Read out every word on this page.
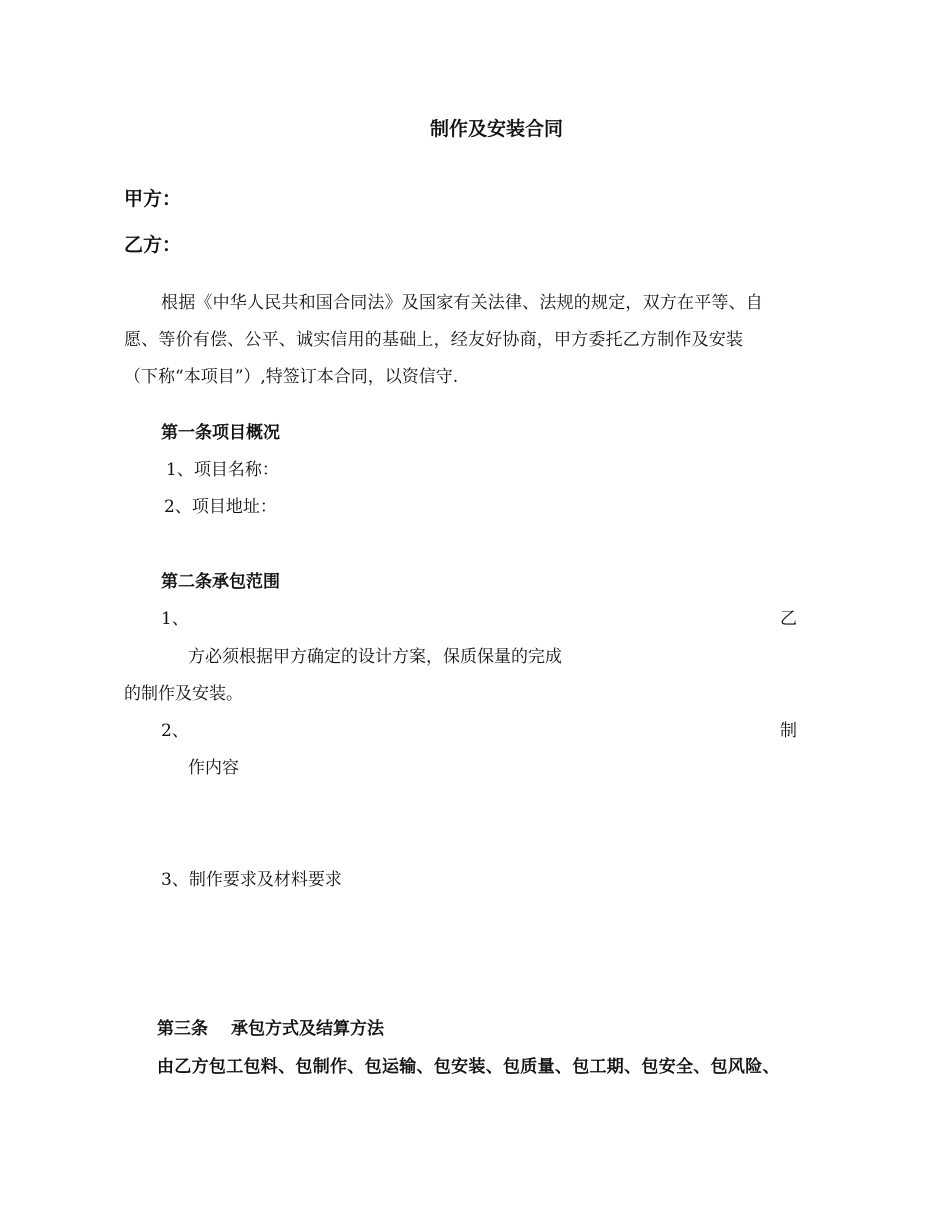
制作及安装合同
甲方：
乙方：
根据《中华人民共和国合同法》及国家有关法律、法规的规定，双方在平等、自
愿、等价有偿、公平、诚实信用的基础上，经友好协商，甲方委托乙方制作及安装
（下称“本项目”）,特签订本合同，以资信守.
第一条项目概况
1、项目名称：
2、项目地址：
第二条承包范围
1、	乙
方必须根据甲方确定的设计方案，保质保量的完成
的制作及安装。
2、	制
作内容
3、制作要求及材料要求
第三条 承包方式及结算方法
由乙方包工包料、包制作、包运输、包安装、包质量、包工期、包安全、包风险、
